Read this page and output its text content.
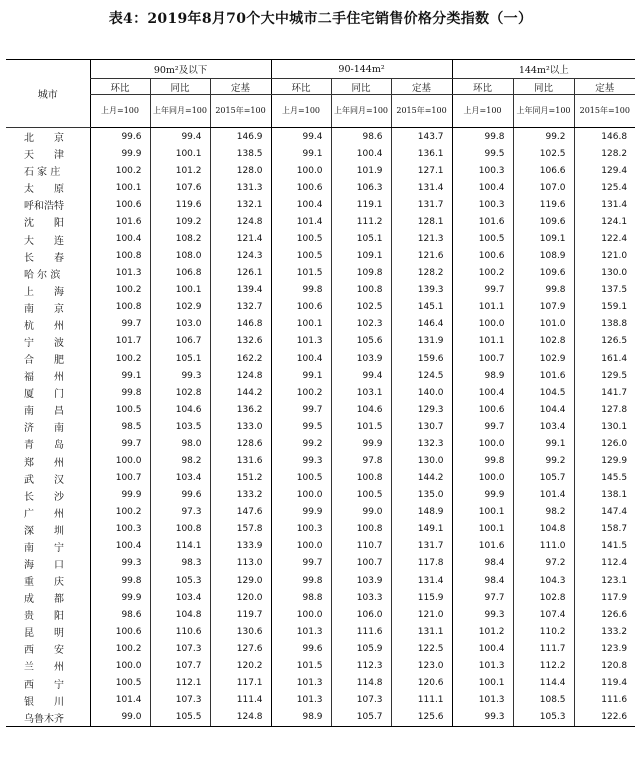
表4：2019年8月70个大中城市二手住宅销售价格分类指数（一）
城市	90m²及以下			90-144m²			144m²以上		
	环比	同比	定基	环比	同比	定基	环比	同比	定基
	上月=100	上年同月=100	2015年=100	上月=100	上年同月=100	2015年=100	上月=100	上年同月=100	2015年=100
北　　京	99.6	99.4	146.9	99.4	98.6	143.7	99.8	99.2	146.8
天　　津	99.9	100.1	138.5	99.1	100.4	136.1	99.5	102.5	128.2
石 家 庄	100.2	101.2	128.0	100.0	101.9	127.1	100.3	106.6	129.4
太　　原	100.1	107.6	131.3	100.6	106.3	131.4	100.4	107.0	125.4
呼和浩特	100.6	119.6	132.1	100.4	119.1	131.7	100.3	119.6	131.4
沈　　阳	101.6	109.2	124.8	101.4	111.2	128.1	101.6	109.6	124.1
大　　连	100.4	108.2	121.4	100.5	105.1	121.3	100.5	109.1	122.4
长　　春	100.8	108.0	124.3	100.5	109.1	121.6	100.6	108.9	121.0
哈 尔 滨	101.3	106.8	126.1	101.5	109.8	128.2	100.2	109.6	130.0
上　　海	100.2	100.1	139.4	99.8	100.8	139.3	99.7	99.8	137.5
南　　京	100.8	102.9	132.7	100.6	102.5	145.1	101.1	107.9	159.1
杭　　州	99.7	103.0	146.8	100.1	102.3	146.4	100.0	101.0	138.8
宁　　波	101.7	106.7	132.6	101.3	105.6	131.9	101.1	102.8	126.5
合　　肥	100.2	105.1	162.2	100.4	103.9	159.6	100.7	102.9	161.4
福　　州	99.1	99.3	124.8	99.1	99.4	124.5	98.9	101.6	129.5
厦　　门	99.8	102.8	144.2	100.2	103.1	140.0	100.4	104.5	141.7
南　　昌	100.5	104.6	136.2	99.7	104.6	129.3	100.6	104.4	127.8
济　　南	98.5	103.5	133.0	99.5	101.5	130.7	99.7	103.4	130.1
青　　岛	99.7	98.0	128.6	99.2	99.9	132.3	100.0	99.1	126.0
郑　　州	100.0	98.2	131.6	99.3	97.8	130.0	99.8	99.2	129.9
武　　汉	100.7	103.4	151.2	100.5	100.8	144.2	100.0	105.7	145.5
长　　沙	99.9	99.6	133.2	100.0	100.5	135.0	99.9	101.4	138.1
广　　州	100.2	97.3	147.6	99.9	99.0	148.9	100.1	98.2	147.4
深　　圳	100.3	100.8	157.8	100.3	100.8	149.1	100.1	104.8	158.7
南　　宁	100.4	114.1	133.9	100.0	110.7	131.7	101.6	111.0	141.5
海　　口	99.3	98.3	113.0	99.7	100.7	117.8	98.4	97.2	112.4
重　　庆	99.8	105.3	129.0	99.8	103.9	131.4	98.4	104.3	123.1
成　　都	99.9	103.4	120.0	98.8	103.3	115.9	97.7	102.8	117.9
贵　　阳	98.6	104.8	119.7	100.0	106.0	121.0	99.3	107.4	126.6
昆　　明	100.6	110.6	130.6	101.3	111.6	131.1	101.2	110.2	133.2
西　　安	100.2	107.3	127.6	99.6	105.9	122.5	100.4	111.7	123.9
兰　　州	100.0	107.7	120.2	101.5	112.3	123.0	101.3	112.2	120.8
西　　宁	100.5	112.1	117.1	101.3	114.8	120.6	100.1	114.4	119.4
银　　川	101.4	107.3	111.4	101.3	107.3	111.1	101.3	108.5	111.6
乌鲁木齐	99.0	105.5	124.8	98.9	105.7	125.6	99.3	105.3	122.6
